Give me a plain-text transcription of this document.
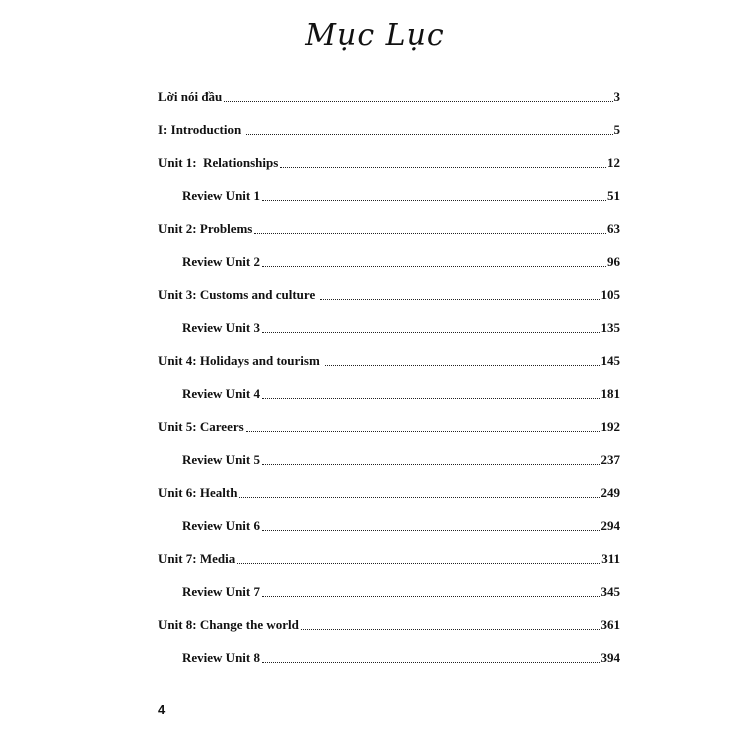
Mục Lục
Lời nói đầu	3
I: Introduction	5
Unit 1:  Relationships	12
Review Unit 1	51
Unit 2: Problems	63
Review Unit 2	96
Unit 3: Customs and culture	105
Review Unit 3	135
Unit 4: Holidays and tourism	145
Review Unit 4	181
Unit 5: Careers	192
Review Unit 5	237
Unit 6: Health	249
Review Unit 6	294
Unit 7: Media	311
Review Unit 7	345
Unit 8: Change the world	361
Review Unit 8	394
4
